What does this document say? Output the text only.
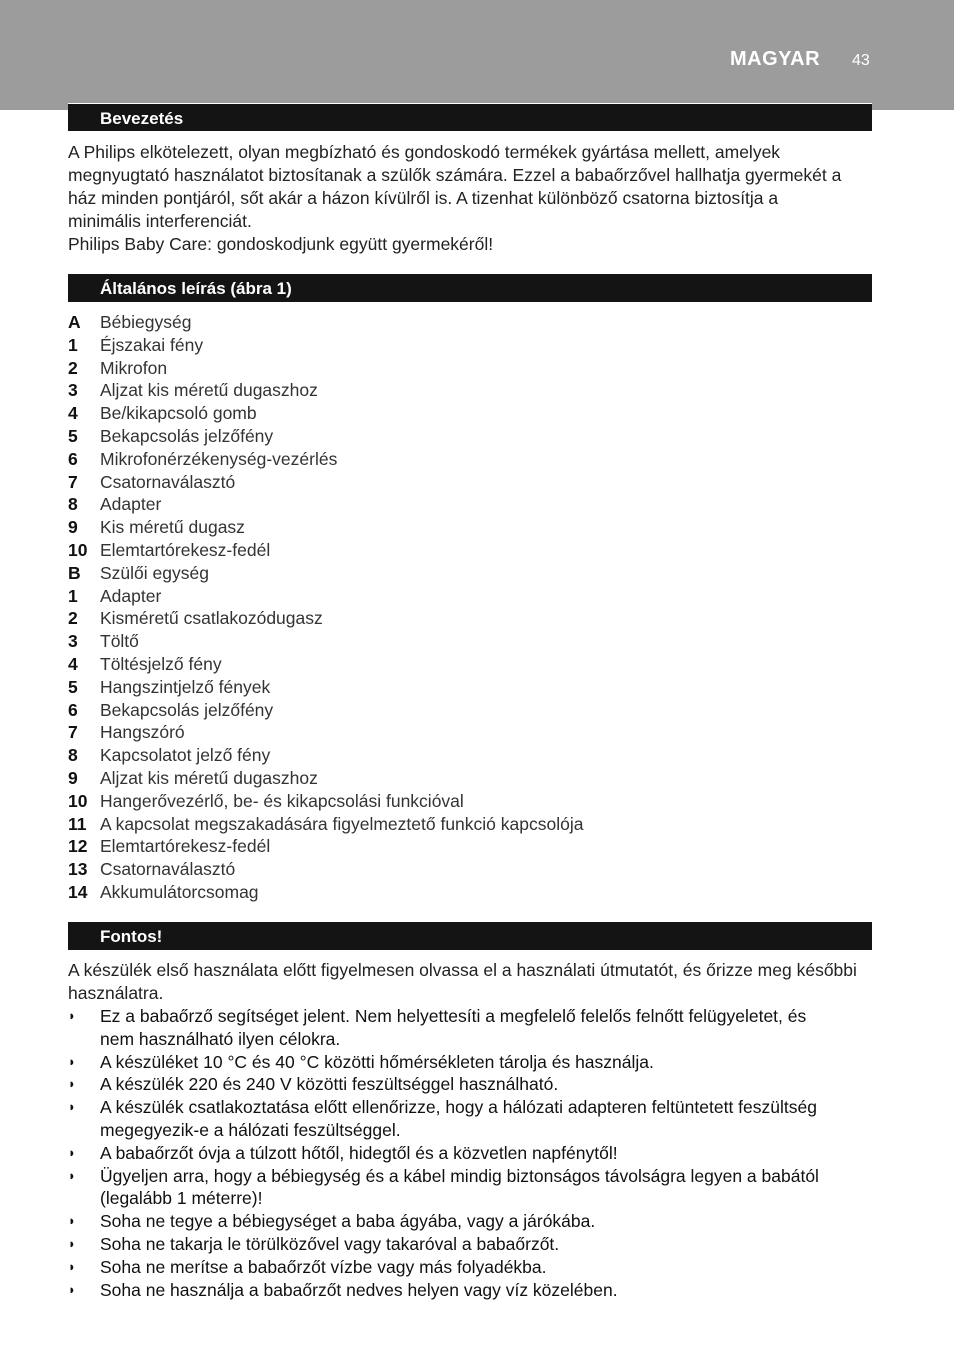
MAGYAR 43
Bevezetés

A Philips elkötelezett, olyan megbízható és gondoskodó termékek gyártása mellett, amelyek

megnyugtató használatot biztosítanak a szülők számára. Ezzel a babaőrzővel hallhatja gyermekét a

ház minden pontjáról, sőt akár a házon kívülről is. A tizenhat különböző csatorna biztosítja a

minimális interferenciát.

Philips Baby Care: gondoskodjunk együtt gyermekéről!

Általános leírás (ábra 1)
A Bébiegység
1 Éjszakai fény
2 Mikrofon
3 Aljzat kis méretű dugaszhoz
4 Be/kikapcsoló gomb
5 Bekapcsolás jelzőfény
6 Mikrofonérzékenység-vezérlés
7 Csatornaválasztó
8 Adapter
9 Kis méretű dugasz
10 Elemtartórekesz-fedél
B Szülői egység
1 Adapter
2 Kisméretű csatlakozódugasz
3 Töltő
4 Töltésjelző fény
5 Hangszintjelző fények
6 Bekapcsolás jelzőfény
7 Hangszóró
8 Kapcsolatot jelző fény
9 Aljzat kis méretű dugaszhoz
10 Hangerővezérlő, be- és kikapcsolási funkcióval
11 A kapcsolat megszakadására figyelmeztető funkció kapcsolója
12 Elemtartórekesz-fedél
13 Csatornaválasztó
14 Akkumulátorcsomag
Fontos!

A készülék első használata előtt figyelmesen olvassa el a használati útmutatót, és őrizze meg későbbi

használatra.

◗ Ez a babaőrző segítséget jelent. Nem helyettesíti a megfelelő felelős felnőtt felügyeletet, és
nem használható ilyen célokra.
◗ A készüléket 10 °C és 40 °C közötti hőmérsékleten tárolja és használja.
◗ A készülék 220 és 240 V közötti feszültséggel használható.
◗ A készülék csatlakoztatása előtt ellenőrizze, hogy a hálózati adapteren feltüntetett feszültség
megegyezik-e a hálózati feszültséggel.
◗ A babaőrzőt óvja a túlzott hőtől, hidegtől és a közvetlen napfénytől!
◗ Ügyeljen arra, hogy a bébiegység és a kábel mindig biztonságos távolságra legyen a babától
(legalább 1 méterre)!
◗ Soha ne tegye a bébiegységet a baba ágyába, vagy a járókába.
◗ Soha ne takarja le törülközővel vagy takaróval a babaőrzőt.
◗ Soha ne merítse a babaőrzőt vízbe vagy más folyadékba.
◗ Soha ne használja a babaőrzőt nedves helyen vagy víz közelében.
